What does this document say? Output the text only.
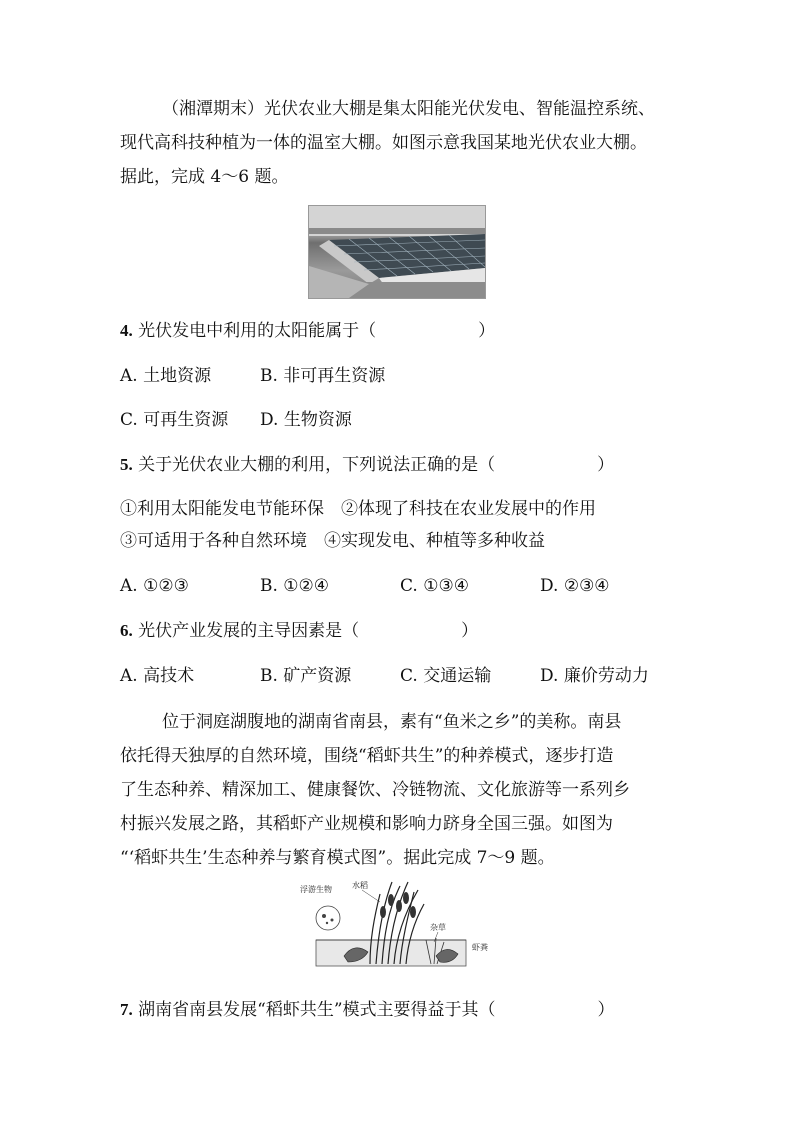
（湘潭期末）光伏农业大棚是集太阳能光伏发电、智能温控系统、
现代高科技种植为一体的温室大棚。如图示意我国某地光伏农业大棚。
据此，完成 4～6 题。
4. 光伏发电中利用的太阳能属于（　　　　　　）
A. 土地资源	B. 非可再生资源
C. 可再生资源 D. 生物资源
5. 关于光伏农业大棚的利用，下列说法正确的是（　　　　　　）
①利用太阳能发电节能环保　②体现了科技在农业发展中的作用
③可适用于各种自然环境　④实现发电、种植等多种收益
A. ①②③	B. ①②④	C. ①③④	D. ②③④
6. 光伏产业发展的主导因素是（　　　　　　）
A. 高技术	B. 矿产资源	C. 交通运输	D. 廉价劳动力
位于洞庭湖腹地的湖南省南县，素有“鱼米之乡”的美称。南县
依托得天独厚的自然环境，围绕“稻虾共生”的种养模式，逐步打造
了生态种养、精深加工、健康餐饮、冷链物流、文化旅游等一系列乡
村振兴发展之路，其稻虾产业规模和影响力跻身全国三强。如图为
“‘稻虾共生’生态种养与繁育模式图”。据此完成 7～9 题。
浮游生物	水稻
杂草
虾粪
7. 湖南省南县发展“稻虾共生”模式主要得益于其（　　　　　　）
